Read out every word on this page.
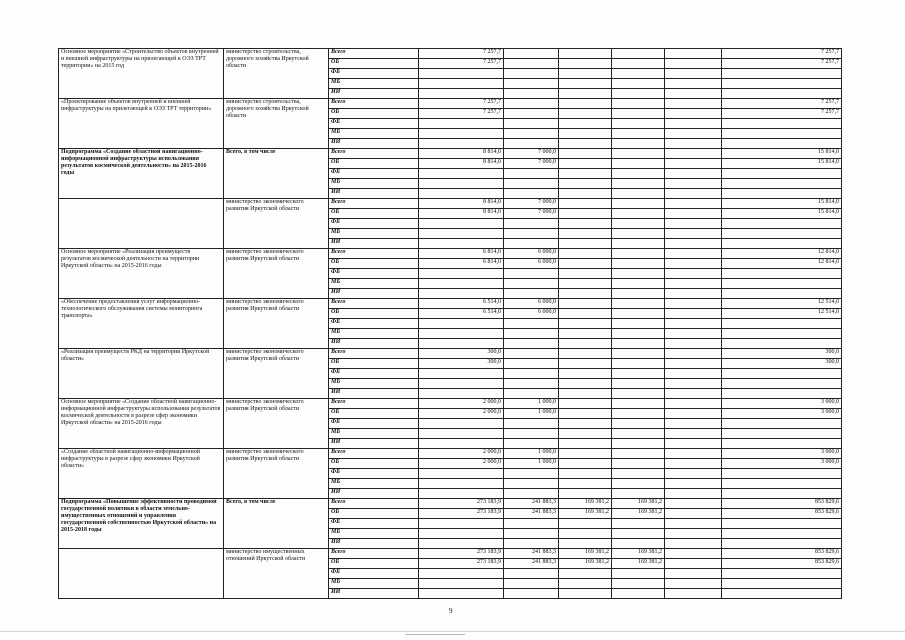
Основное мероприятие «Строительство объектов внутренней и внешней инфраструктуры на прилегающей к ОЭЗ ТРТ территории» на 2015 год	министерство строительства, дорожного хозяйства Иркутской области	Всего	7 257,7					7 257,7
		ОБ	7 257,7					7 257,7
		ФБ						
		МБ						
		ИИ						
«Проектирование объектов внутренней и внешней инфраструктуры на прилегающей к ОЭЗ ТРТ территории»	министерство строительства, дорожного хозяйства Иркутской области	Всего	7 257,7					7 257,7
		ОБ	7 257,7					7 257,7
		ФБ						
		МБ						
		ИИ						
Подпрограмма «Создание областной навигационно-информационной инфраструктуры использования результатов космической деятельности» на 2015-2016 годы	Всего, в том числе	Всего	8 814,0	7 000,0				15 814,0
		ОБ	8 814,0	7 000,0				15 814,0
		ФБ						
		МБ						
		ИИ						
	министерство экономического развития Иркутской области	Всего	8 814,0	7 000,0				15 814,0
		ОБ	8 814,0	7 000,0				15 814,0
		ФБ						
		МБ						
		ИИ						
Основное мероприятие «Реализация преимуществ результатов космической деятельности на территории Иркутской области» на 2015-2016 годы	министерство экономического развития Иркутской области	Всего	6 814,0	6 000,0				12 814,0
		ОБ	6 814,0	6 000,0				12 814,0
		ФБ						
		МБ						
		ИИ						
«Обеспечение предоставления услуг информационно-технологического обслуживания системы мониторинга транспорта»	министерство экономического развития Иркутской области	Всего	6 514,0	6 000,0				12 514,0
		ОБ	6 514,0	6 000,0				12 514,0
		ФБ						
		МБ						
		ИИ						
«Реализация преимуществ РКД на территории Иркутской области»	министерство экономического развития Иркутской области	Всего	300,0					300,0
		ОБ	300,0					300,0
		ФБ						
		МБ						
		ИИ						
Основное мероприятие «Создание областной навигационно-информационной инфраструктуры использования результатов космической деятельности в разрезе сфер экономики Иркутской области» на 2015-2016 годы	министерство экономического развития Иркутской области	Всего	2 000,0	1 000,0				3 000,0
		ОБ	2 000,0	1 000,0				3 000,0
		ФБ						
		МБ						
		ИИ						
«Создание областной навигационно-информационной инфраструктуры в разрезе сфер экономики Иркутской области»	министерство экономического развития Иркутской области	Всего	2 000,0	1 000,0				3 000,0
		ОБ	2 000,0	1 000,0				3 000,0
		ФБ						
		МБ						
		ИИ						
Подпрограмма «Повышение эффективности проводимой государственной политики в области земельно-имущественных отношений и управления государственной собственностью Иркутской области» на 2015-2018 годы	Всего, в том числе	Всего	273 183,9	241 883,3	169 381,2	169 381,2		853 829,6
		ОБ	273 183,9	241 883,3	169 381,2	169 381,2		853 829,6
		ФБ						
		МБ						
		ИИ						
	министерство имущественных отношений Иркутской области	Всего	273 183,9	241 883,3	169 381,2	169 381,2		853 829,6
		ОБ	273 183,9	241 883,3	169 381,2	169 381,2		853 829,6
		ФБ						
		МБ						
		ИИ						
9
